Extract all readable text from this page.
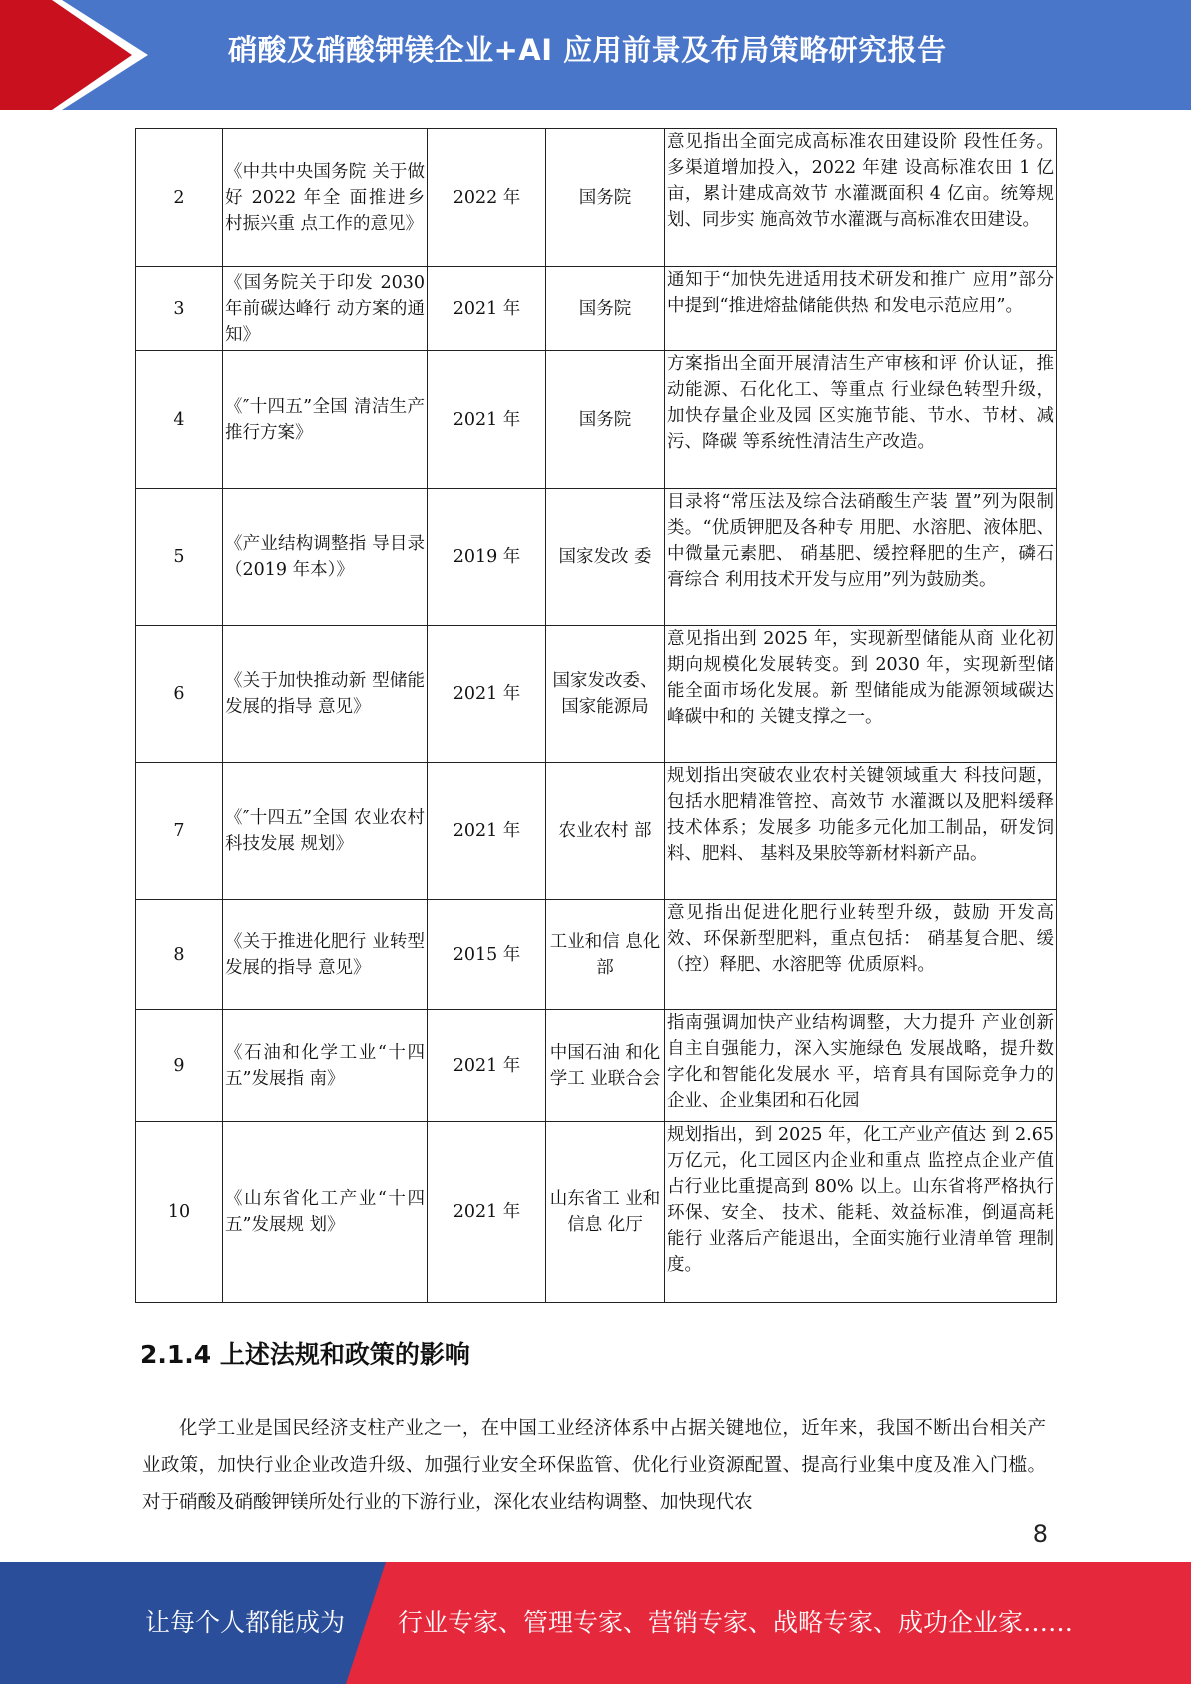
硝酸及硝酸钾镁企业+AI 应用前景及布局策略研究报告
2	《中共中央国务院 关于做好 2022 年全 面推进乡村振兴重 点工作的意见》	2022 年	国务院	意见指出全面完成高标准农田建设阶 段性任务。多渠道增加投入，2022 年建 设高标准农田 1 亿亩，累计建成高效节 水灌溉面积 4 亿亩。统筹规划、同步实 施高效节水灌溉与高标准农田建设。
3	《国务院关于印发 2030 年前碳达峰行 动方案的通知》	2021 年	国务院	通知于“加快先进适用技术研发和推广 应用”部分中提到“推进熔盐储能供热 和发电示范应用”。
4	《″十四五”全国 清洁生产推行方案》	2021 年	国务院	方案指出全面开展清洁生产审核和评 价认证，推动能源、石化化工、等重点 行业绿色转型升级，加快存量企业及园 区实施节能、节水、节材、减污、降碳 等系统性清洁生产改造。
5	《产业结构调整指 导目录（2019 年本）》	2019 年	国家发改 委	目录将“常压法及综合法硝酸生产装 置”列为限制类。“优质钾肥及各种专 用肥、水溶肥、液体肥、中微量元素肥、 硝基肥、缓控释肥的生产，磷石膏综合 利用技术开发与应用”列为鼓励类。
6	《关于加快推动新 型储能发展的指导 意见》	2021 年	国家发改委、国家能源局	意见指出到 2025 年，实现新型储能从商 业化初期向规模化发展转变。到 2030 年，实现新型储能全面市场化发展。新 型储能成为能源领域碳达峰碳中和的 关键支撑之一。
7	《″十四五”全国 农业农村科技发展 规划》	2021 年	农业农村 部	规划指出突破农业农村关键领域重大 科技问题，包括水肥精准管控、高效节 水灌溉以及肥料缓释技术体系；发展多 功能多元化加工制品，研发饲料、肥料、 基料及果胶等新材料新产品。
8	《关于推进化肥行 业转型发展的指导 意见》	2015 年	工业和信 息化部	意见指出促进化肥行业转型升级，鼓励 开发高效、环保新型肥料，重点包括： 硝基复合肥、缓（控）释肥、水溶肥等 优质原料。
9	《石油和化学工业“十四五”发展指 南》	2021 年	中国石油 和化学工 业联合会	指南强调加快产业结构调整，大力提升 产业创新自主自强能力，深入实施绿色 发展战略，提升数字化和智能化发展水 平，培育具有国际竞争力的企业、企业集团和石化园
10	《山东省化工产业“十四五”发展规 划》	2021 年	山东省工 业和信息 化厅	规划指出，到 2025 年，化工产业产值达 到 2.65 万亿元，化工园区内企业和重点 监控点企业产值占行业比重提高到 80% 以上。山东省将严格执行环保、安全、 技术、能耗、效益标准，倒逼高耗能行 业落后产能退出，全面实施行业清单管 理制度。
2.1.4 上述法规和政策的影响

化学工业是国民经济支柱产业之一，在中国工业经济体系中占据关键地位，近年来，我国不断出台相关产业政策，加快行业企业改造升级、加强行业安全环保监管、优化行业资源配置、提高行业集中度及准入门槛。对于硝酸及硝酸钾镁所处行业的下游行业，深化农业结构调整、加快现代农

8
让每个人都能成为 行业专家、管理专家、营销专家、战略专家、成功企业家……
